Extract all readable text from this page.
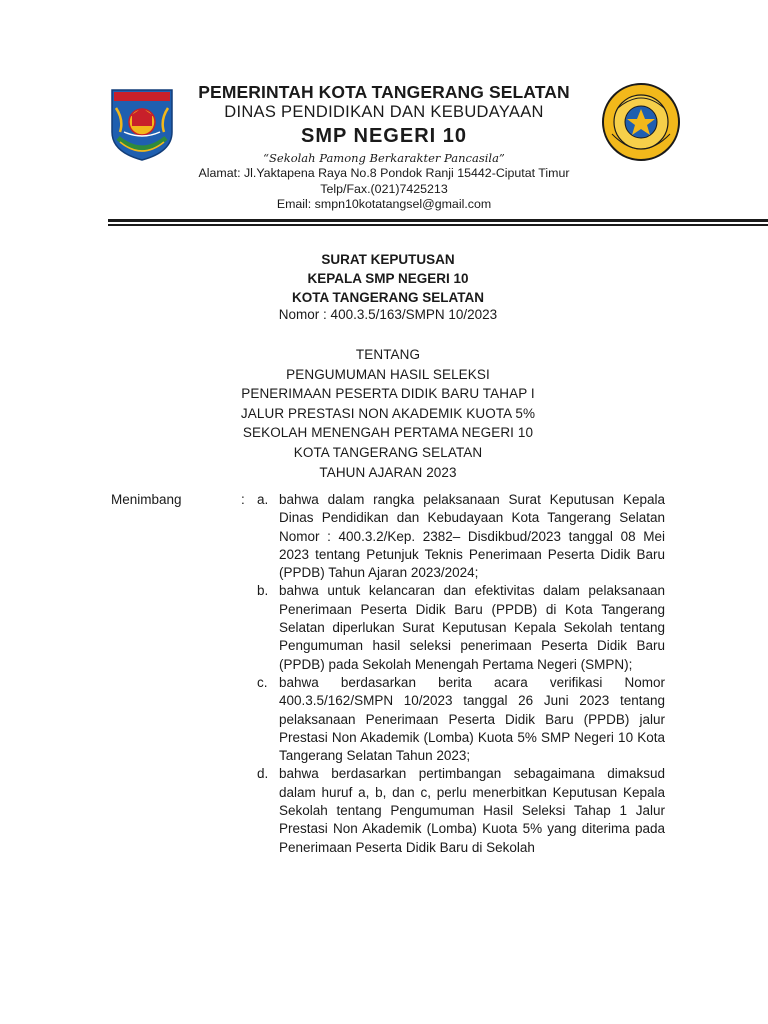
PEMERINTAH KOTA TANGERANG SELATAN
DINAS PENDIDIKAN DAN KEBUDAYAAN
SMP NEGERI 10
“Sekolah Pamong Berkarakter Pancasila”
Alamat: Jl.Yaktapena Raya No.8 Pondok Ranji 15442-Ciputat Timur
Telp/Fax.(021)7425213
Email: smpn10kotatangsel@gmail.com
SURAT KEPUTUSAN
KEPALA SMP NEGERI 10
KOTA TANGERANG SELATAN
Nomor : 400.3.5/163/SMPN 10/2023
TENTANG
PENGUMUMAN HASIL SELEKSI
PENERIMAAN PESERTA DIDIK BARU TAHAP I
JALUR PRESTASI NON AKADEMIK KUOTA 5%
SEKOLAH MENENGAH PERTAMA NEGERI 10
KOTA TANGERANG SELATAN
TAHUN AJARAN 2023
Menimbang	: a. bahwa dalam rangka pelaksanaan Surat Keputusan Kepala Dinas Pendidikan dan Kebudayaan Kota Tangerang Selatan Nomor : 400.3.2/Kep. 2382– Disdikbud/2023 tanggal 08 Mei 2023 tentang Petunjuk Teknis Penerimaan Peserta Didik Baru (PPDB) Tahun Ajaran 2023/2024;
b. bahwa untuk kelancaran dan efektivitas dalam pelaksanaan Penerimaan Peserta Didik Baru (PPDB) di Kota Tangerang Selatan diperlukan Surat Keputusan Kepala Sekolah tentang Pengumuman hasil seleksi penerimaan Peserta Didik Baru (PPDB) pada Sekolah Menengah Pertama Negeri (SMPN);
c. bahwa berdasarkan berita acara verifikasi Nomor 400.3.5/162/SMPN 10/2023 tanggal 26 Juni 2023 tentang pelaksanaan Penerimaan Peserta Didik Baru (PPDB) jalur Prestasi Non Akademik (Lomba) Kuota 5% SMP Negeri 10 Kota Tangerang Selatan Tahun 2023;
d. bahwa berdasarkan pertimbangan sebagaimana dimaksud dalam huruf a, b, dan c, perlu menerbitkan Keputusan Kepala Sekolah tentang Pengumuman Hasil Seleksi Tahap 1 Jalur Prestasi Non Akademik (Lomba) Kuota 5% yang diterima pada Penerimaan Peserta Didik Baru di Sekolah
